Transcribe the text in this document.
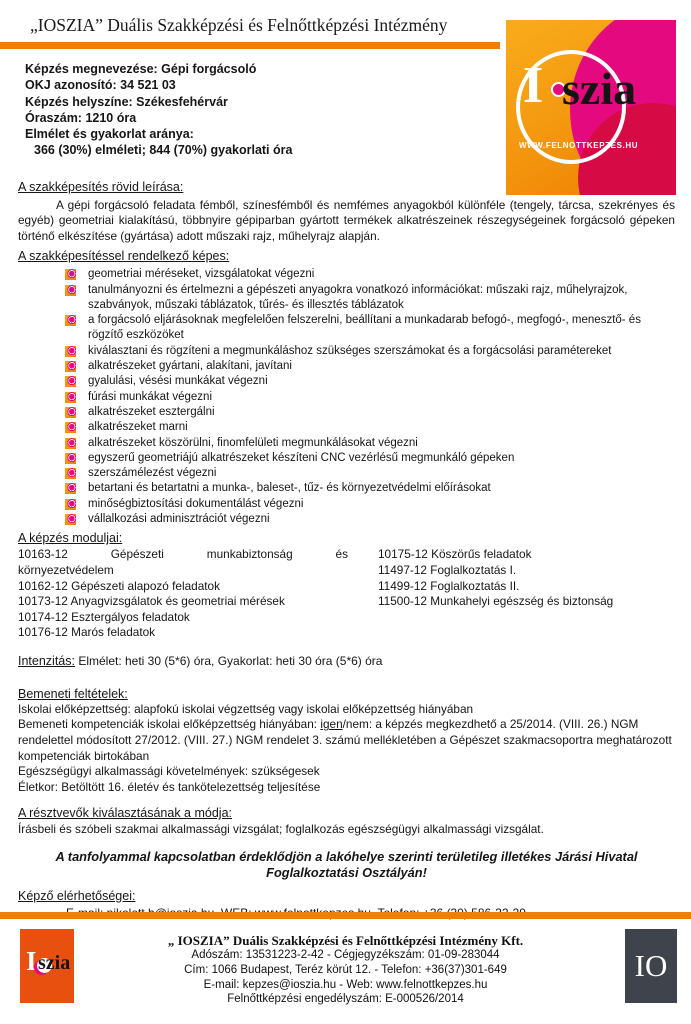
„IOSZIA” Duális Szakképzési és Felnőttképzési Intézmény
I szia
WWW.FELNOTTKEPZES.HU

Képzés megnevezése: Gépi forgácsoló

OKJ azonosító: 34 521 03

Képzés helyszíne: Székesfehérvár

Óraszám: 1210 óra

Elmélet és gyakorlat aránya:

366 (30%) elméleti; 844 (70%) gyakorlati óra

A szakképesítés rövid leírása:

A gépi forgácsoló feladata fémből, színesfémből és nemfémes anyagokból különféle (tengely, tárcsa, szekrényes és egyéb) geometriai kialakítású, többnyire gépiparban gyártott termékek alkatrészeinek részegységeinek forgácsoló gépeken történő elkészítése (gyártása) adott műszaki rajz, műhelyrajz alapján.

A szakképesítéssel rendelkező képes:
geometriai méréseket, vizsgálatokat végezni
tanulmányozni és értelmezni a gépészeti anyagokra vonatkozó információkat: műszaki rajz, műhelyrajzok, szabványok, műszaki táblázatok, tűrés- és illesztés táblázatok
a forgácsoló eljárásoknak megfelelően felszerelni, beállítani a munkadarab befogó-, megfogó-, menesztő- és rögzítő eszközöket
kiválasztani és rögzíteni a megmunkáláshoz szükséges szerszámokat és a forgácsolási paramétereket
alkatrészeket gyártani, alakítani, javítani
gyalulási, vésési munkákat végezni
fúrási munkákat végezni
alkatrészeket esztergálni
alkatrészeket marni
alkatrészeket köszörülni, finomfelületi megmunkálásokat végezni
egyszerű geometriájú alkatrészeket készíteni CNC vezérlésű megmunkáló gépeken
szerszámélezést végezni
betartani és betartatni a munka-, baleset-, tűz- és környezetvédelmi előírásokat
minőségbiztosítási dokumentálást végezni
vállalkozási adminisztrációt végezni
A képzés moduljai:
10163-12 Gépészeti munkabiztonság és
környezetvédelem
10162-12 Gépészeti alapozó feladatok
10173-12 Anyagvizsgálatok és geometriai mérések
10174-12 Esztergályos feladatok
10176-12 Marós feladatok
10175-12 Köszörűs feladatok
11497-12 Foglalkoztatás I.
11499-12 Foglalkoztatás II.
11500-12 Munkahelyi egészség és biztonság

Intenzitás: Elmélet: heti 30 (5*6) óra, Gyakorlat: heti 30 óra (5*6) óra

Bemeneti feltételek:

Iskolai előképzettség: alapfokú iskolai végzettség vagy iskolai előképzettség hiányában

Bemeneti kompetenciák iskolai előképzettség hiányában: igen/nem: a képzés megkezdhető a 25/2014. (VIII. 26.) NGM rendelettel módosított 27/2012. (VIII. 27.) NGM rendelet 3. számú mellékletében a Gépészet szakmacsoportra meghatározott kompetenciák birtokában

Egészségügyi alkalmassági követelmények: szükségesek

Életkor: Betöltött 16. életév és tankötelezettség teljesítése

A résztvevők kiválasztásának a módja:

Írásbeli és szóbeli szakmai alkalmassági vizsgálat; foglalkozás egészségügyi alkalmassági vizsgálat.

A tanfolyammal kapcsolatban érdeklődjön a lakóhelye szerinti területileg illetékes Járási Hivatal Foglalkoztatási Osztályán!

Képző elérhetőségei:

I szia
„ IOSZIA” Duális Szakképzési és Felnőttképzési Intézmény Kft.
Adószám: 13531223-2-42 - Cégjegyzékszám: 01-09-283044
Cím: 1066 Budapest, Teréz körút 12. - Telefon: +36(37)301-649
E-mail: kepzes@ioszia.hu - Web: www.felnottkepzes.hu
Felnőttképzési engedélyszám: E-000526/2014
IO
